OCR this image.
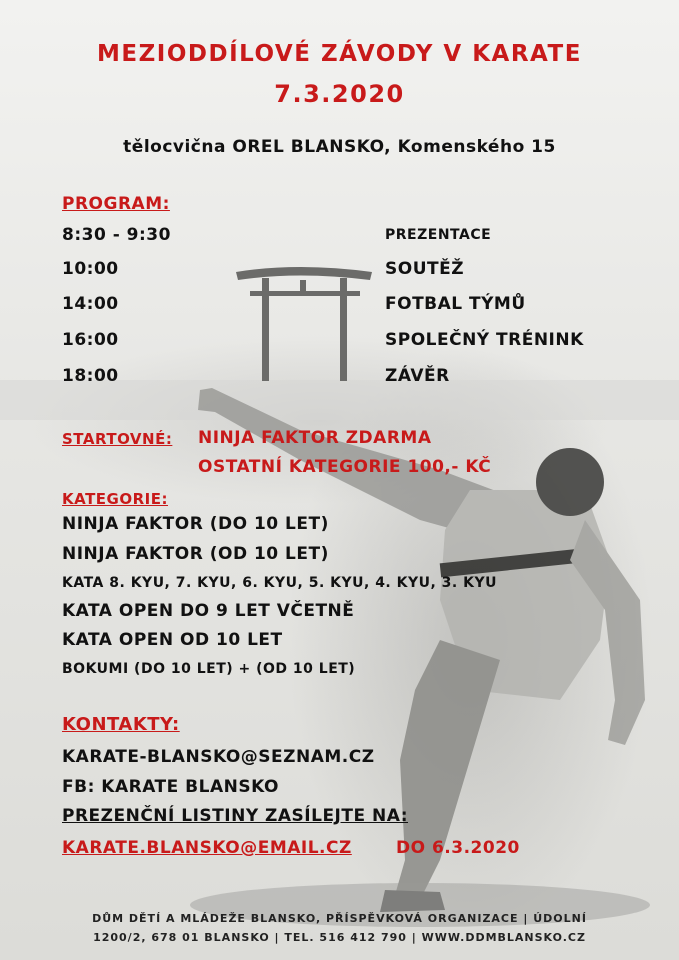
MEZIODDÍLOVÉ ZÁVODY V KARATE
7.3.2020
tělocvična OREL BLANSKO, Komenského 15
PROGRAM:
8:30 - 9:30	PREZENTACE
10:00	SOUTĚŽ
14:00	FOTBAL TÝMŮ
16:00	SPOLEČNÝ TRÉNINK
18:00	ZÁVĚR
STARTOVNÉ: NINJA FAKTOR ZDARMA
OSTATNÍ KATEGORIE 100,- KČ
KATEGORIE:
NINJA FAKTOR (DO 10 LET)
NINJA FAKTOR (OD 10 LET)
KATA 8. KYU, 7. KYU, 6. KYU, 5. KYU, 4. KYU, 3. KYU
KATA OPEN DO 9 LET VČETNĚ
KATA OPEN OD 10 LET
BOKUMI (DO 10 LET) + (OD 10 LET)
KONTAKTY:
KARATE-BLANSKO@SEZNAM.CZ
FB: KARATE BLANSKO
PREZENČNÍ LISTINY ZASÍLEJTE NA:
KARATE.BLANSKO@EMAIL.CZ	DO 6.3.2020
DŮM DĚTÍ A MLÁDEŽE BLANSKO, PŘÍSPĚVKOVÁ ORGANIZACE | ÚDOLNÍ
1200/2, 678 01 BLANSKO | TEL. 516 412 790 | WWW.DDMBLANSKO.CZ
